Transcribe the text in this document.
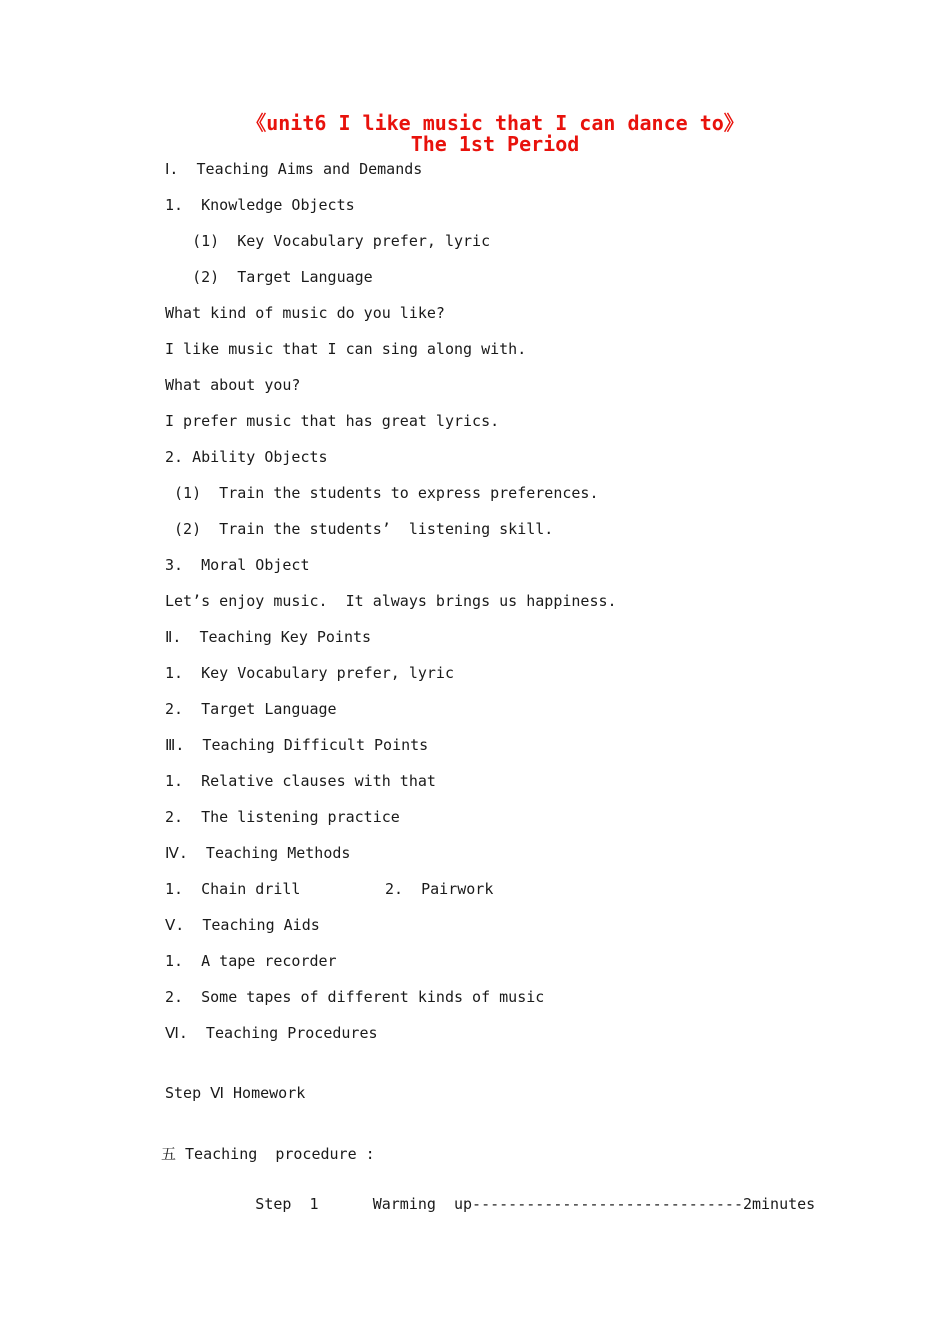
《unit6 I like music that I can dance to》
The 1st Period
Ⅰ.  Teaching Aims and Demands
1.  Knowledge Objects
(1)  Key Vocabulary prefer, lyric
(2)  Target Language
What kind of music do you like?
I like music that I can sing along with.
What about you?
I prefer music that has great lyrics.
2. Ability Objects
(1)  Train the students to express preferences.
(2)  Train the students’  listening skill.
3.  Moral Object
Let’s enjoy music.  It always brings us happiness.
Ⅱ.  Teaching Key Points
1.  Key Vocabulary prefer, lyric
2.  Target Language
Ⅲ.  Teaching Difficult Points
1.  Relative clauses with that
2.  The listening practice
Ⅳ.  Teaching Methods
1.  Chain drill	2.  Pairwork
Ⅴ.  Teaching Aids
1.  A tape recorder
2.  Some tapes of different kinds of music
Ⅵ.  Teaching Procedures
Step Ⅵ Homework
五 Teaching  procedure :
Step  1      Warming  up------------------------------2minutes
